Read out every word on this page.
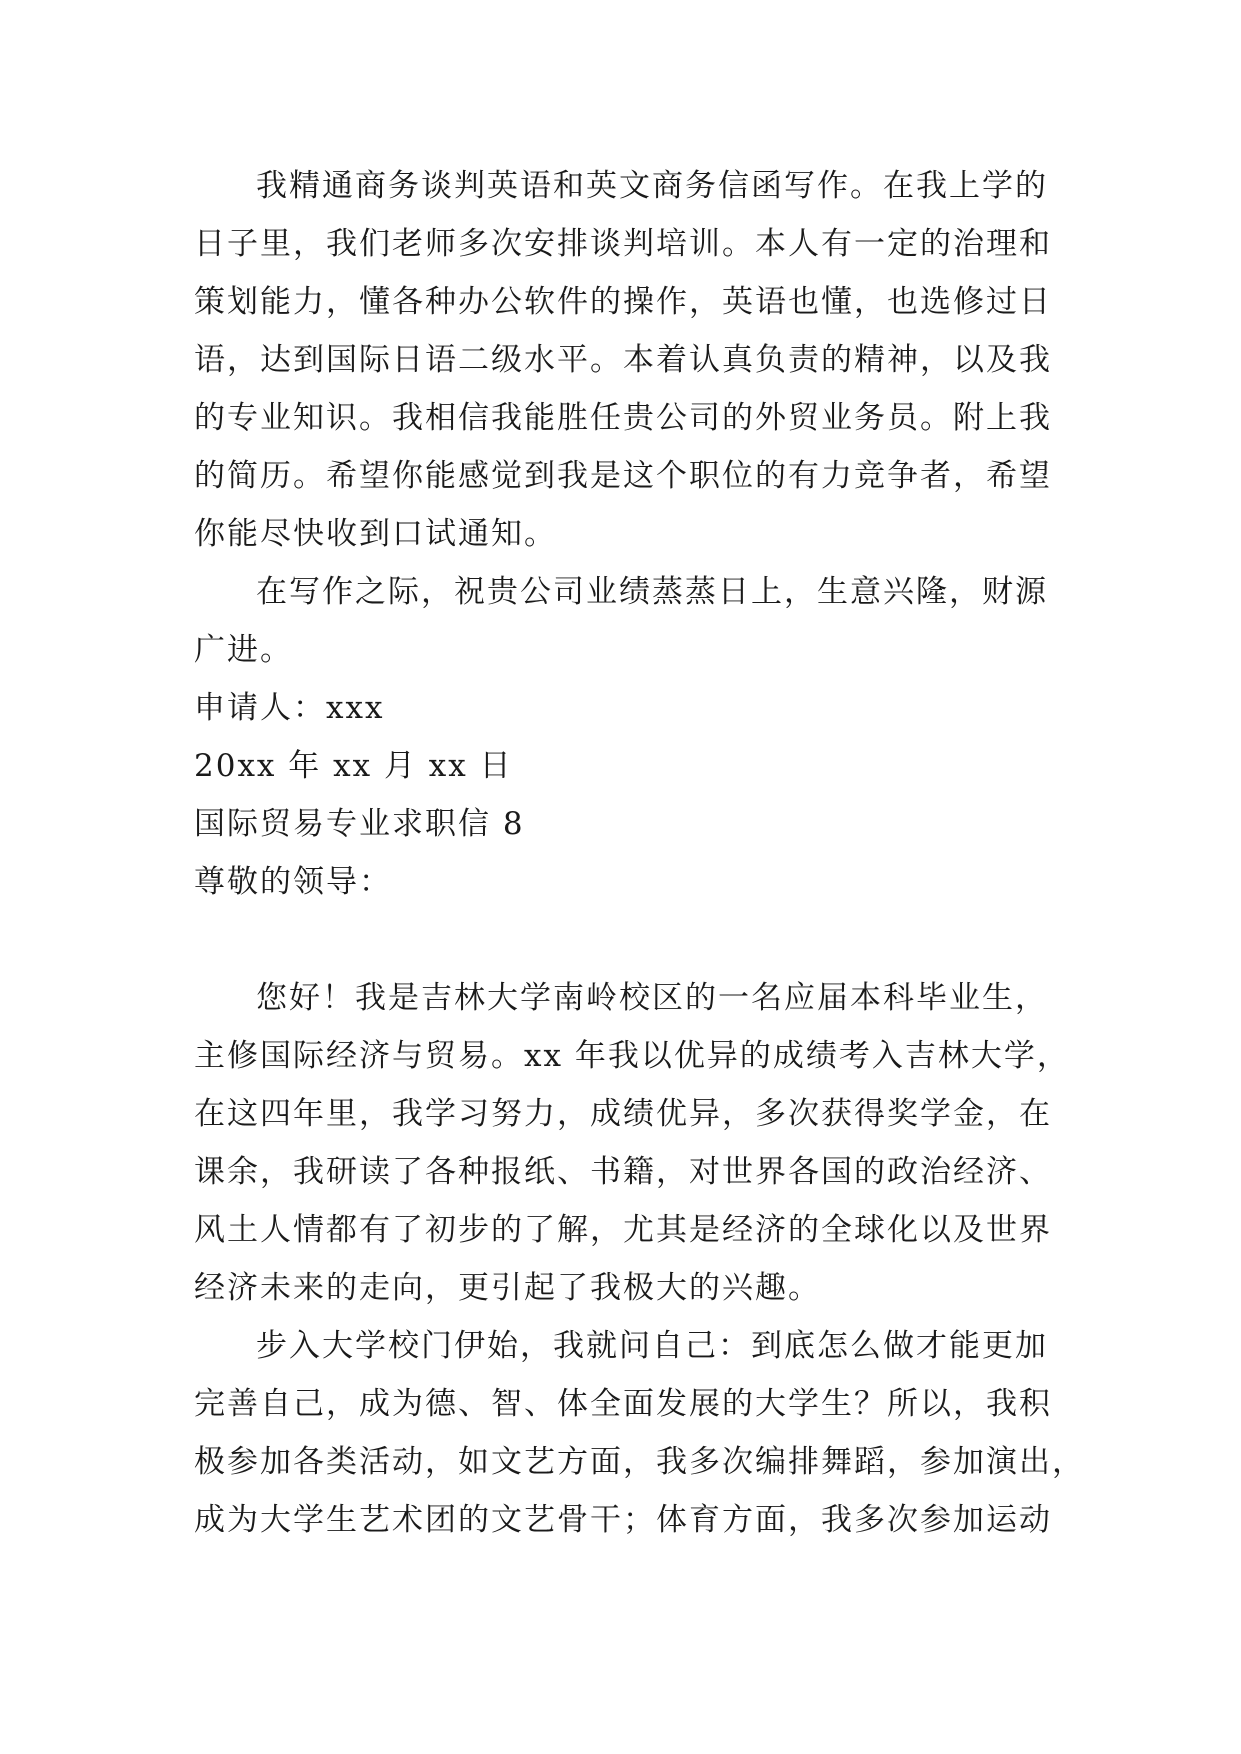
我精通商务谈判英语和英文商务信函写作。在我上学的
日子里，我们老师多次安排谈判培训。本人有一定的治理和
策划能力，懂各种办公软件的操作，英语也懂，也选修过日
语，达到国际日语二级水平。本着认真负责的精神，以及我
的专业知识。我相信我能胜任贵公司的外贸业务员。附上我
的简历。希望你能感觉到我是这个职位的有力竞争者，希望
你能尽快收到口试通知。
在写作之际，祝贵公司业绩蒸蒸日上，生意兴隆，财源
广进。
申请人：xxx
20xx 年 xx 月 xx 日
国际贸易专业求职信 8
尊敬的领导：
您好！我是吉林大学南岭校区的一名应届本科毕业生，
主修国际经济与贸易。xx 年我以优异的成绩考入吉林大学，
在这四年里，我学习努力，成绩优异，多次获得奖学金，在
课余，我研读了各种报纸、书籍，对世界各国的政治经济、
风土人情都有了初步的了解，尤其是经济的全球化以及世界
经济未来的走向，更引起了我极大的兴趣。
步入大学校门伊始，我就问自己：到底怎么做才能更加
完善自己，成为德、智、体全面发展的大学生？所以，我积
极参加各类活动，如文艺方面，我多次编排舞蹈，参加演出，
成为大学生艺术团的文艺骨干；体育方面，我多次参加运动
